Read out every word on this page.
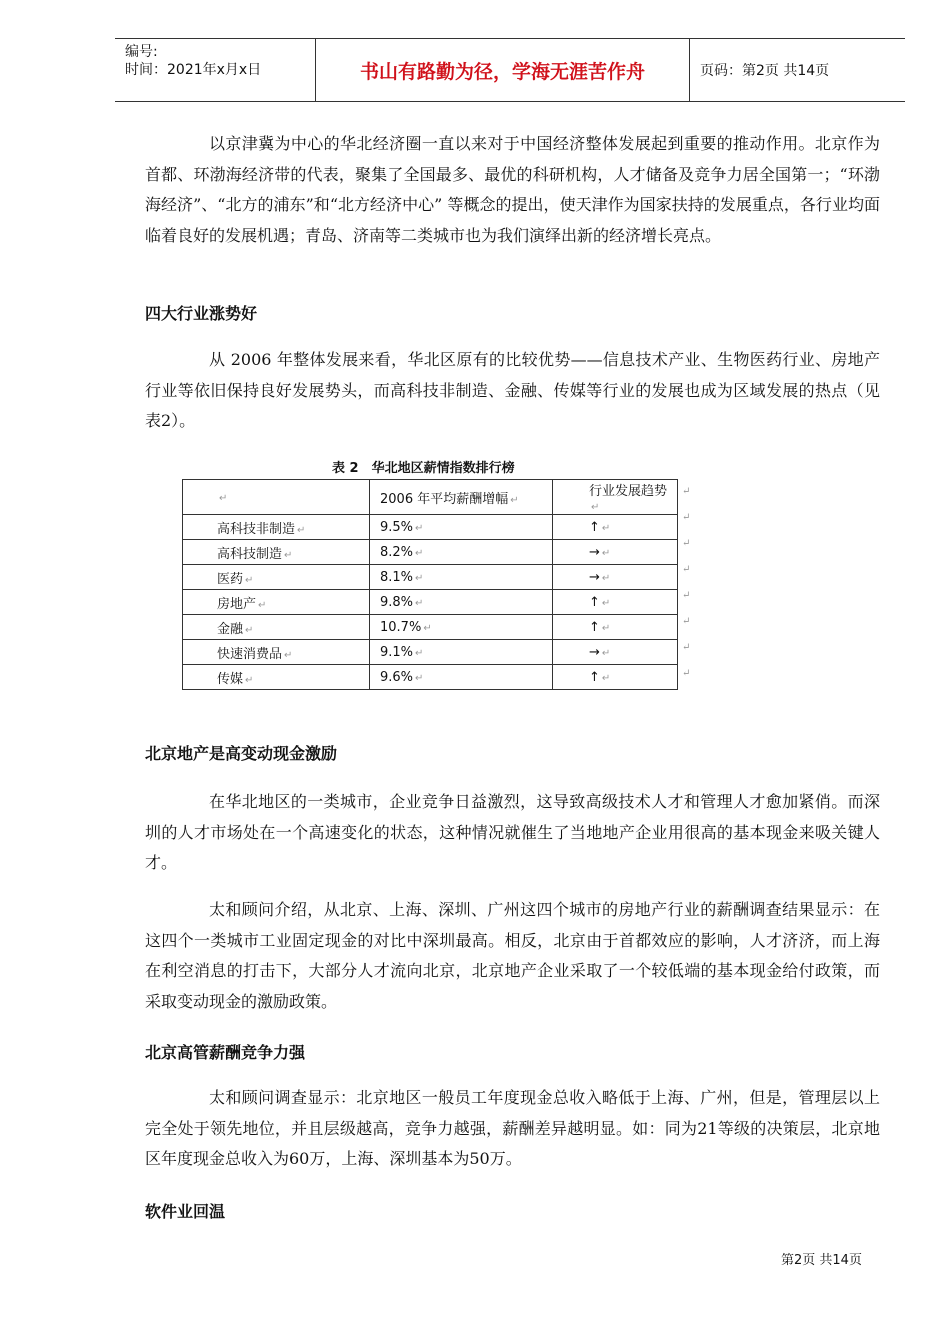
编号:
时间：2021年x月x日	书山有路勤为径，学海无涯苦作舟	页码：第2页 共14页

以京津冀为中心的华北经济圈一直以来对于中国经济整体发展起到重要的推动作用。北京作为首都、环渤海经济带的代表，聚集了全国最多、最优的科研机构，人才储备及竞争力居全国第一；“环渤海经济”、“北方的浦东”和“北方经济中心” 等概念的提出，使天津作为国家扶持的发展重点，各行业均面临着良好的发展机遇；青岛、济南等二类城市也为我们演绎出新的经济增长亮点。

四大行业涨势好

从 2006 年整体发展来看，华北区原有的比较优势——信息技术产业、生物医药行业、房地产行业等依旧保持良好发展势头，而高科技非制造、金融、传媒等行业的发展也成为区域发展的热点（见表2）。

表 2　华北地区薪情指数排行榜
↵	2006 年平均薪酬增幅 ↵	行业发展趋势↵
高科技非制造 ↵	9.5% ↵	↑ ↵
高科技制造 ↵	8.2% ↵	→ ↵
医药 ↵	8.1% ↵	→ ↵
房地产 ↵	9.8% ↵	↑ ↵
金融 ↵	10.7% ↵	↑ ↵
快速消费品 ↵	9.1% ↵	→ ↵
传媒 ↵	9.6% ↵	↑ ↵
↵
↵
↵
↵
↵
↵
↵
↵
北京地产是高变动现金激励

在华北地区的一类城市，企业竞争日益激烈，这导致高级技术人才和管理人才愈加紧俏。而深圳的人才市场处在一个高速变化的状态，这种情况就催生了当地地产企业用很高的基本现金来吸关键人才。

太和顾问介绍，从北京、上海、深圳、广州这四个城市的房地产行业的薪酬调查结果显示：在这四个一类城市工业固定现金的对比中深圳最高。相反，北京由于首都效应的影响，人才济济，而上海在利空消息的打击下，大部分人才流向北京，北京地产企业采取了一个较低端的基本现金给付政策，而采取变动现金的激励政策。

北京高管薪酬竞争力强

太和顾问调查显示：北京地区一般员工年度现金总收入略低于上海、广州，但是，管理层以上完全处于领先地位，并且层级越高，竞争力越强，薪酬差异越明显。如：同为21等级的决策层，北京地区年度现金总收入为60万，上海、深圳基本为50万。

软件业回温
第2页 共14页
